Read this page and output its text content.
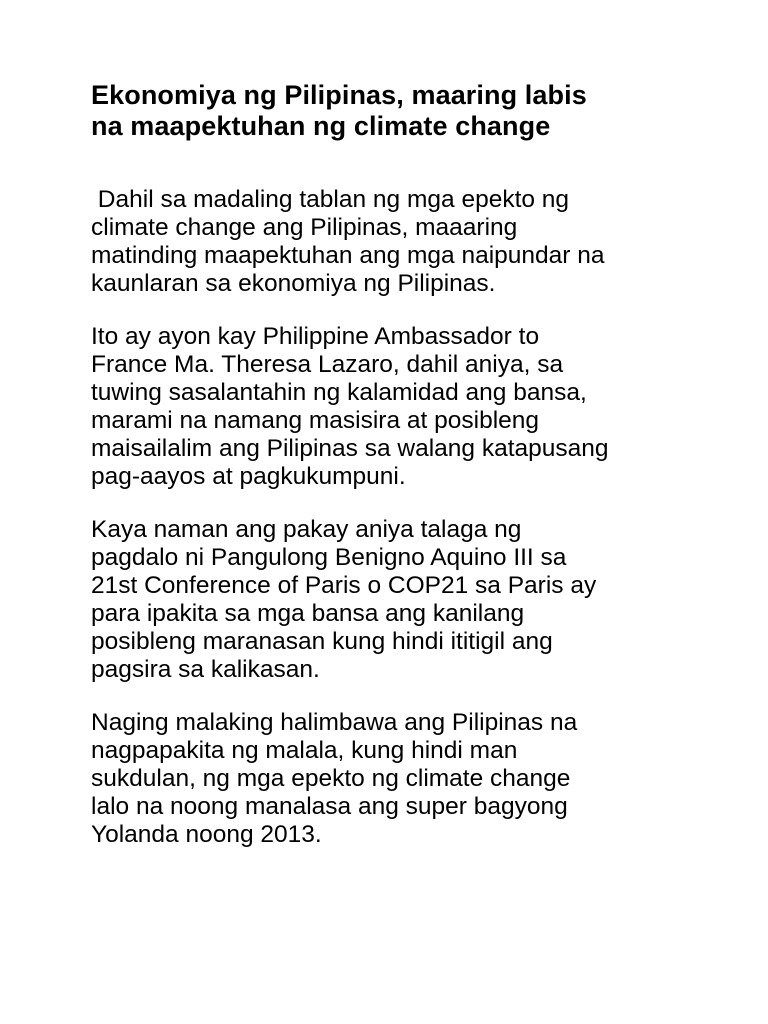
Ekonomiya ng Pilipinas, maaring labis
na maapektuhan ng climate change

Dahil sa madaling tablan ng mga epekto ng
climate change ang Pilipinas, maaaring
matinding maapektuhan ang mga naipundar na
kaunlaran sa ekonomiya ng Pilipinas.

Ito ay ayon kay Philippine Ambassador to
France Ma. Theresa Lazaro, dahil aniya, sa
tuwing sasalantahin ng kalamidad ang bansa,
marami na namang masisira at posibleng
maisailalim ang Pilipinas sa walang katapusang
pag-aayos at pagkukumpuni.

Kaya naman ang pakay aniya talaga ng
pagdalo ni Pangulong Benigno Aquino III sa
21st Conference of Paris o COP21 sa Paris ay
para ipakita sa mga bansa ang kanilang
posibleng maranasan kung hindi ititigil ang
pagsira sa kalikasan.

Naging malaking halimbawa ang Pilipinas na
nagpapakita ng malala, kung hindi man
sukdulan, ng mga epekto ng climate change
lalo na noong manalasa ang super bagyong
Yolanda noong 2013.
